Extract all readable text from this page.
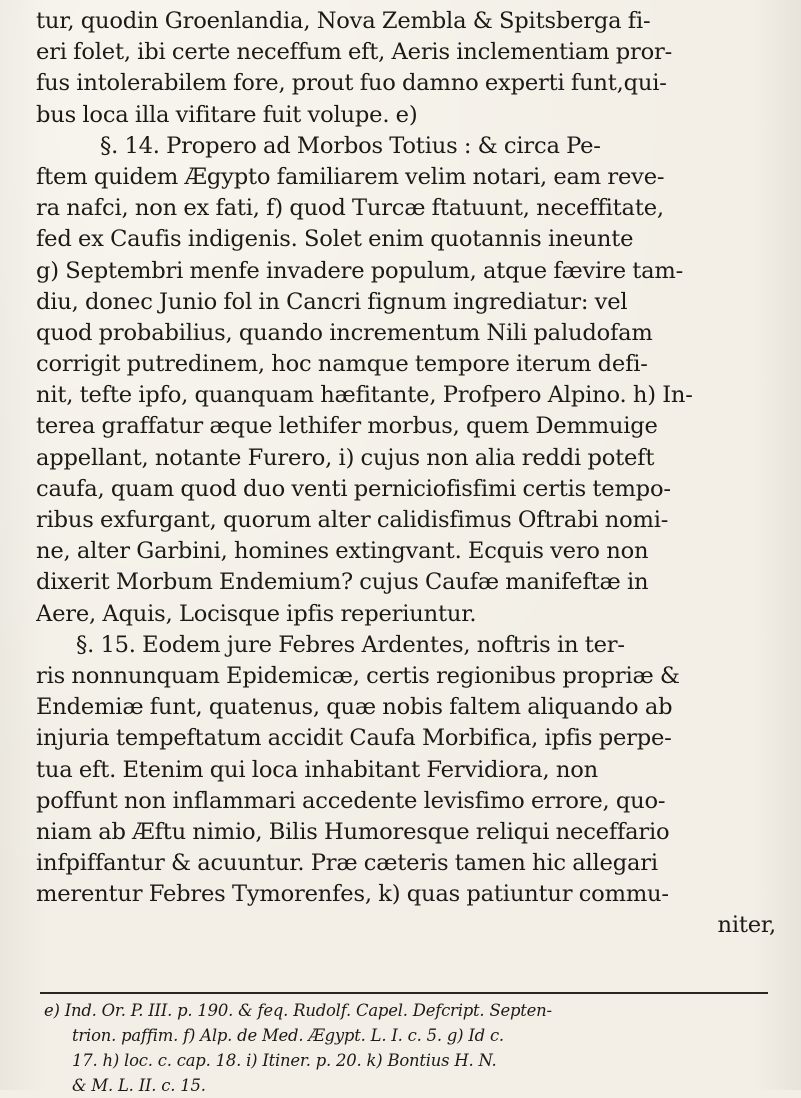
tur, quodin Groenlandia, Nova Zembla & Spitsberga fi-
eri folet, ibi certe neceffum eft, Aeris inclementiam pror-
fus intolerabilem fore, prout fuo damno experti funt,qui-
bus loca illa vifitare fuit volupe. e)
§. 14. Propero ad Morbos Totius : & circa Pe-
ftem quidem Ægypto familiarem velim notari, eam reve-
ra nafci, non ex fati, f) quod Turcæ ftatuunt, neceffitate,
fed ex Caufis indigenis. Solet enim quotannis ineunte
g) Septembri menfe invadere populum, atque fævire tam-
diu, donec Junio fol in Cancri fignum ingrediatur: vel
quod probabilius, quando incrementum Nili paludofam
corrigit putredinem, hoc namque tempore iterum defi-
nit, tefte ipfo, quanquam hæfitante, Profpero Alpino. h) In-
terea graffatur æque lethifer morbus, quem Demmuige
appellant, notante Furero, i) cujus non alia reddi poteft
caufa, quam quod duo venti perniciofisfimi certis tempo-
ribus exfurgant, quorum alter calidisfimus Oftrabi nomi-
ne, alter Garbini, homines extingvant. Ecquis vero non
dixerit Morbum Endemium? cujus Caufæ manifeftæ in
Aere, Aquis, Locisque ipfis reperiuntur.
§. 15. Eodem jure Febres Ardentes, noftris in ter-
ris nonnunquam Epidemicæ, certis regionibus propriæ &
Endemiæ funt, quatenus, quæ nobis faltem aliquando ab
injuria tempeftatum accidit Caufa Morbifica, ipfis perpe-
tua eft. Etenim qui loca inhabitant Fervidiora, non
poffunt non inflammari accedente levisfimo errore, quo-
niam ab Æftu nimio, Bilis Humoresque reliqui neceffario
infpiffantur & acuuntur. Præ cæteris tamen hic allegari
merentur Febres Tymorenfes, k) quas patiuntur commu-
niter,
e) Ind. Or. P. III. p. 190. & feq. Rudolf. Capel. Defcript. Septen-
trion. paffim. f) Alp. de Med. Ægypt. L. I. c. 5. g) Id c.
17. h) loc. c. cap. 18. i) Itiner. p. 20. k) Bontius H. N.
& M. L. II. c. 15.
